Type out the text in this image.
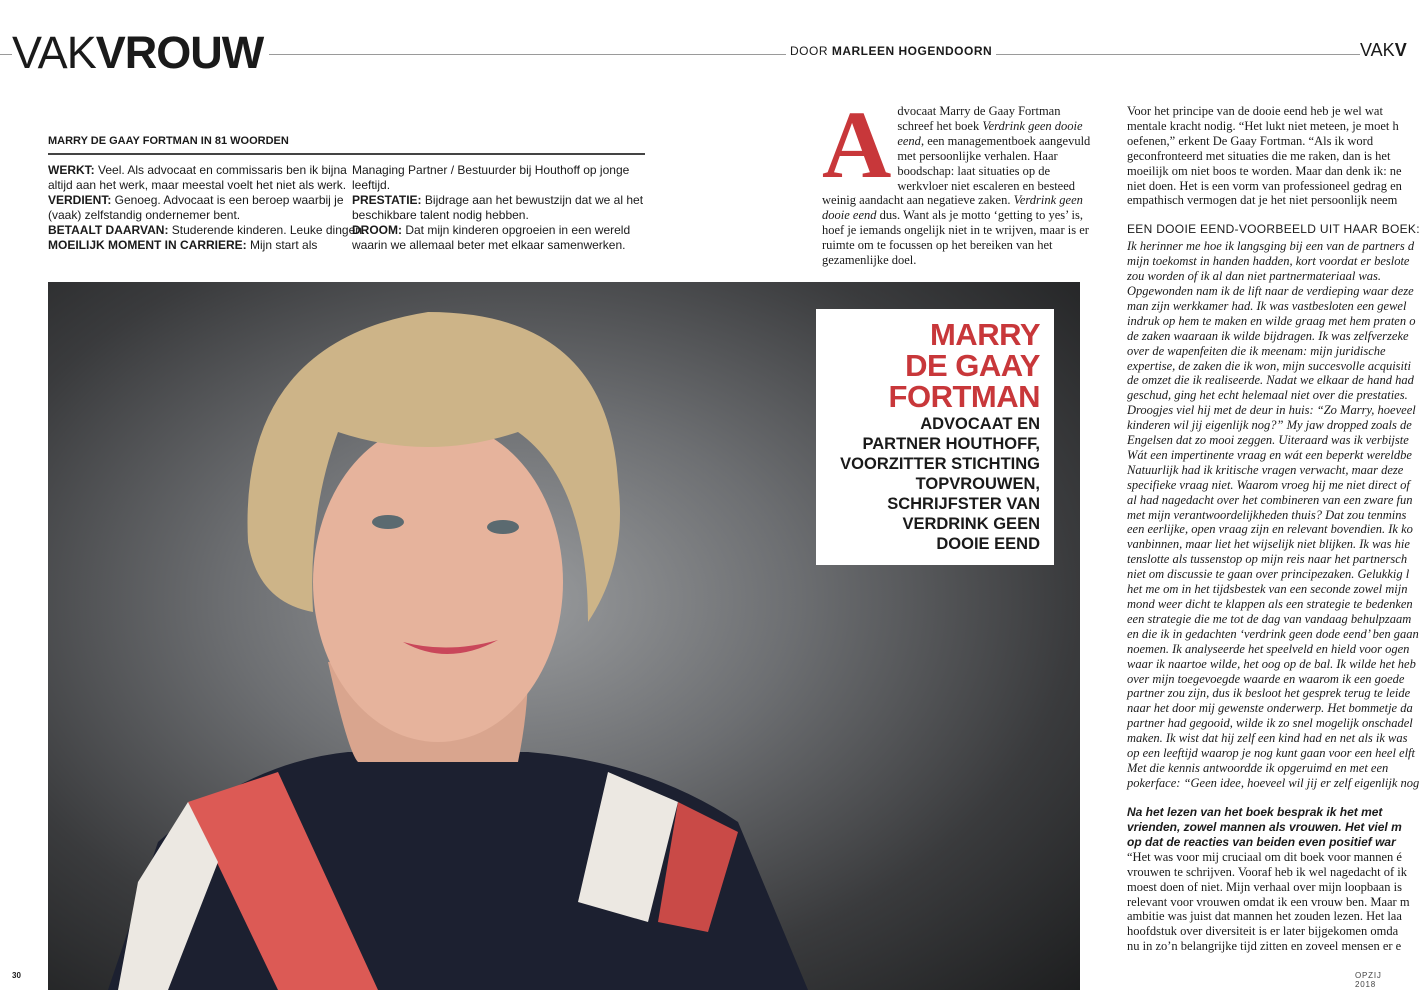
VAKVROUW	DOOR MARLEEN HOGENDOORN	VAKV
MARRY DE GAAY FORTMAN IN 81 WOORDEN
WERKT: Veel. Als advocaat en commissaris ben ik bijna altijd aan het werk, maar meestal voelt het niet als werk.
VERDIENT: Genoeg. Advocaat is een beroep waarbij je (vaak) zelfstandig ondernemer bent.
BETAALT DAARVAN: Studerende kinderen. Leuke dingen.
MOEILIJK MOMENT IN CARRIERE: Mijn start als
Managing Partner / Bestuurder bij Houthoff op jonge leeftijd.
PRESTATIE: Bijdrage aan het bewustzijn dat we al het beschikbare talent nodig hebben.
DROOM: Dat mijn kinderen opgroeien in een wereld waarin we allemaal beter met elkaar samenwerken.
Advocaat Marry de Gaay Fortman schreef het boek Verdrink geen dooie eend, een managementboek aangevuld met persoonlijke verhalen. Haar boodschap: laat situaties op de werkvloer niet escaleren en besteed weinig aandacht aan negatieve zaken. Verdrink geen dooie eend dus. Want als je motto ‘getting to yes’ is, hoef je iemands ongelijk niet in te wrijven, maar is er ruimte om te focussen op het bereiken van het gezamenlijke doel.
Voor het principe van de dooie eend heb je wel wat
mentale kracht nodig. “Het lukt niet meteen, je moet h
oefenen,” erkent De Gaay Fortman. “Als ik word
geconfronteerd met situaties die me raken, dan is het
moeilijk om niet boos te worden. Maar dan denk ik: ne
niet doen. Het is een vorm van professioneel gedrag en
empathisch vermogen dat je het niet persoonlijk neem
EEN DOOIE EEND-VOORBEELD UIT HAAR BOEK:
Ik herinner me hoe ik langsging bij een van de partners d
mijn toekomst in handen hadden, kort voordat er beslote
zou worden of ik al dan niet partnermateriaal was.
Opgewonden nam ik de lift naar de verdieping waar deze
man zijn werkkamer had. Ik was vastbesloten een gewel
indruk op hem te maken en wilde graag met hem praten o
de zaken waaraan ik wilde bijdragen. Ik was zelfverzeke
over de wapenfeiten die ik meenam: mijn juridische
expertise, de zaken die ik won, mijn succesvolle acquisiti
de omzet die ik realiseerde. Nadat we elkaar de hand had
geschud, ging het echt helemaal niet over die prestaties.
Droogjes viel hij met de deur in huis: “Zo Marry, hoeveel
kinderen wil jij eigenlijk nog?” My jaw dropped zoals de
Engelsen dat zo mooi zeggen. Uiteraard was ik verbijste
Wát een impertinente vraag en wát een beperkt wereldbe
Natuurlijk had ik kritische vragen verwacht, maar deze
specifieke vraag niet. Waarom vroeg hij me niet direct of
al had nagedacht over het combineren van een zware fun
met mijn verantwoordelijkheden thuis? Dat zou tenmins
een eerlijke, open vraag zijn en relevant bovendien. Ik ko
vanbinnen, maar liet het wijselijk niet blijken. Ik was hie
tenslotte als tussenstop op mijn reis naar het partnersch
niet om discussie te gaan over principezaken. Gelukkig l
het me om in het tijdsbestek van een seconde zowel mijn
mond weer dicht te klappen als een strategie te bedenken
een strategie die me tot de dag van vandaag behulpzaam
en die ik in gedachten ‘verdrink geen dode eend’ ben gaan
noemen. Ik analyseerde het speelveld en hield voor ogen
waar ik naartoe wilde, het oog op de bal. Ik wilde het heb
over mijn toegevoegde waarde en waarom ik een goede
partner zou zijn, dus ik besloot het gesprek terug te leide
naar het door mij gewenste onderwerp. Het bommetje da
partner had gegooid, wilde ik zo snel mogelijk onschadel
maken. Ik wist dat hij zelf een kind had en net als ik was
op een leeftijd waarop je nog kunt gaan voor een heel elft
Met die kennis antwoordde ik opgeruimd en met een
pokerface: “Geen idee, hoeveel wil jij er zelf eigenlijk nog
Na het lezen van het boek besprak ik het met
vrienden, zowel mannen als vrouwen. Het viel m
op dat de reacties van beiden even positief war
“Het was voor mij cruciaal om dit boek voor mannen é
vrouwen te schrijven. Vooraf heb ik wel nagedacht of ik
moest doen of niet. Mijn verhaal over mijn loopbaan is
relevant voor vrouwen omdat ik een vrouw ben. Maar m
ambitie was juist dat mannen het zouden lezen. Het laa
hoofdstuk over diversiteit is er later bijgekomen omda
nu in zo’n belangrijke tijd zitten en zoveel mensen er e
MARRY
DE GAAY
FORTMAN
ADVOCAAT EN
PARTNER HOUTHOFF,
VOORZITTER STICHTING
TOPVROUWEN,
SCHRIJFSTER VAN
VERDRINK GEEN
DOOIE EEND
30	OPZIJ 2018
